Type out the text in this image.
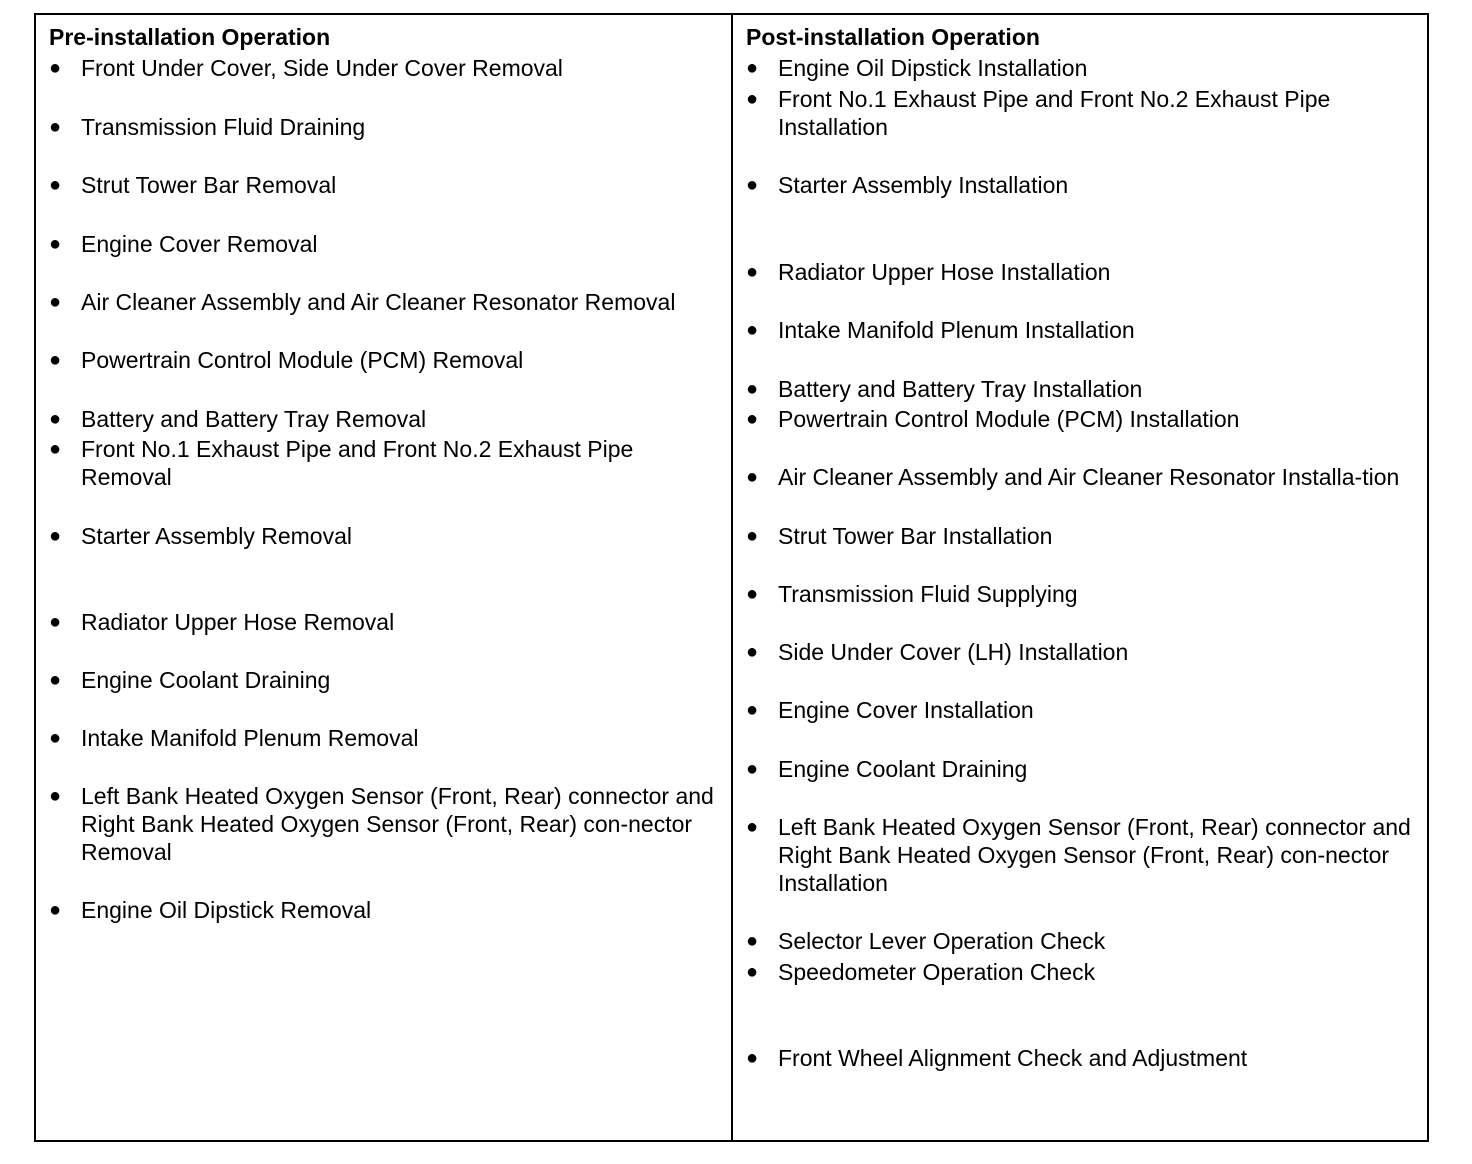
Pre-installation Operation
● Front Under Cover, Side Under Cover Removal
● Transmission Fluid Draining
● Strut Tower Bar Removal
● Engine Cover Removal
● Air Cleaner Assembly and Air Cleaner Resonator Removal
● Powertrain Control Module (PCM) Removal
● Battery and Battery Tray Removal
● Front No.1 Exhaust Pipe and Front No.2 Exhaust Pipe Removal
● Starter Assembly Removal
● Radiator Upper Hose Removal
● Engine Coolant Draining
● Intake Manifold Plenum Removal
● Left Bank Heated Oxygen Sensor (Front, Rear) connector and Right Bank Heated Oxygen Sensor (Front, Rear) con-nector Removal
● Engine Oil Dipstick Removal
Post-installation Operation
● Engine Oil Dipstick Installation
● Front No.1 Exhaust Pipe and Front No.2 Exhaust Pipe Installation
● Starter Assembly Installation
● Radiator Upper Hose Installation
● Intake Manifold Plenum Installation
● Battery and Battery Tray Installation
● Powertrain Control Module (PCM) Installation
● Air Cleaner Assembly and Air Cleaner Resonator Installa-tion
● Strut Tower Bar Installation
● Transmission Fluid Supplying
● Side Under Cover (LH) Installation
● Engine Cover Installation
● Engine Coolant Draining
● Left Bank Heated Oxygen Sensor (Front, Rear) connector and Right Bank Heated Oxygen Sensor (Front, Rear) con-nector Installation
● Selector Lever Operation Check
● Speedometer Operation Check
● Front Wheel Alignment Check and Adjustment
